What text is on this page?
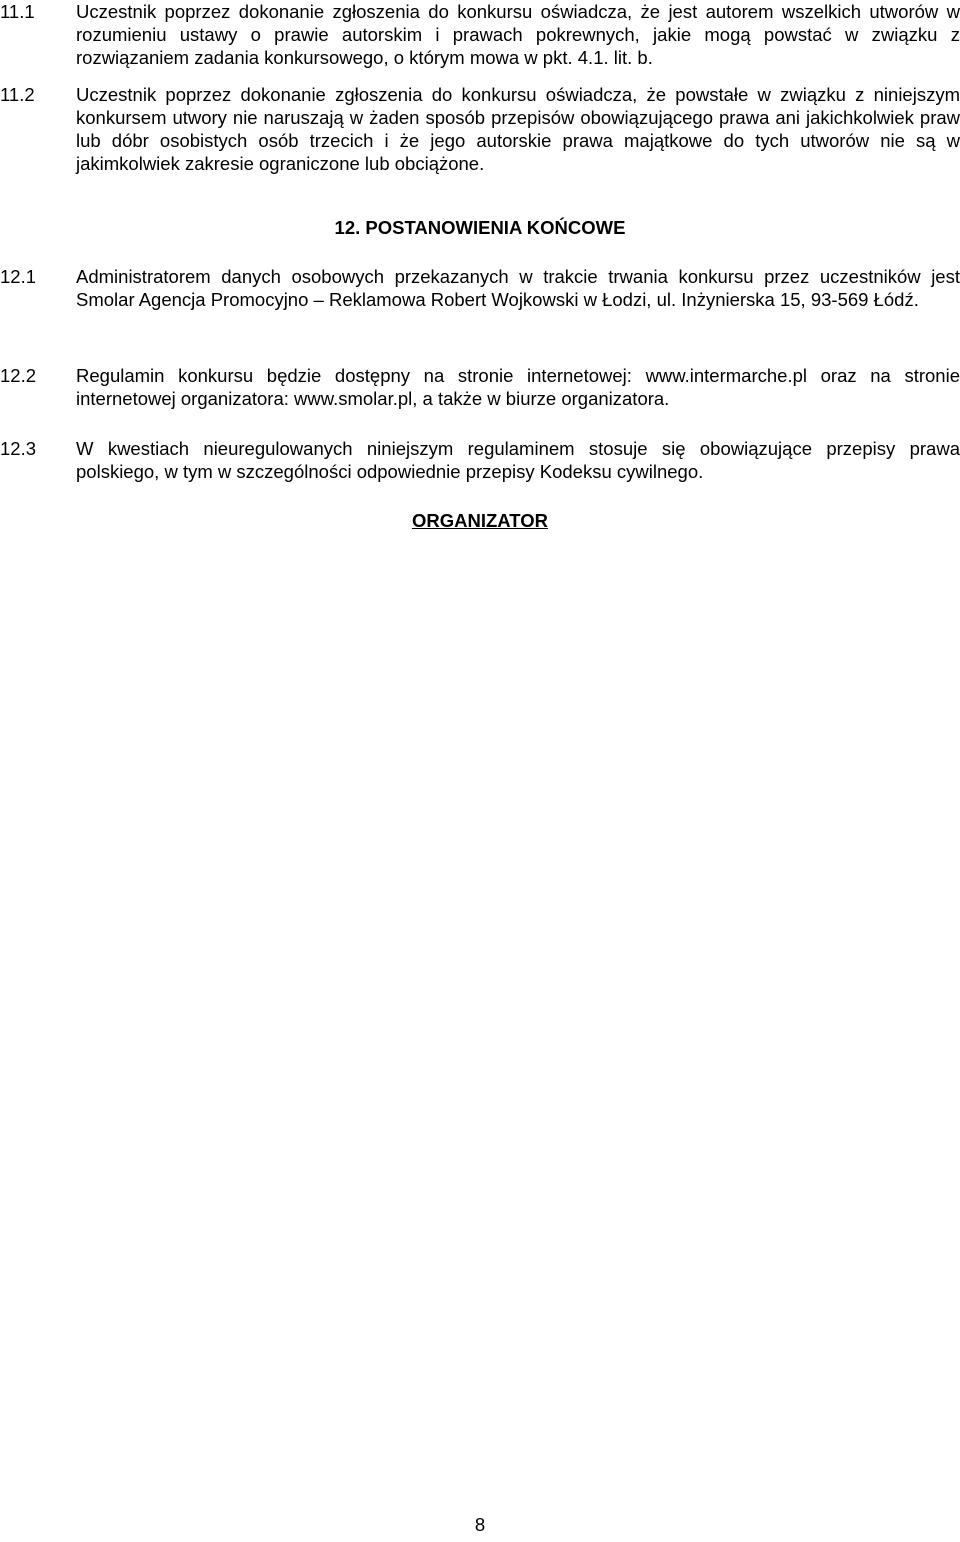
11.1	Uczestnik poprzez dokonanie zgłoszenia do konkursu oświadcza, że jest autorem wszelkich utworów w rozumieniu ustawy o prawie autorskim i prawach pokrewnych, jakie mogą powstać w związku z rozwiązaniem zadania konkursowego, o którym mowa w pkt. 4.1. lit. b.
11.2	Uczestnik poprzez dokonanie zgłoszenia do konkursu oświadcza, że powstałe w związku z niniejszym konkursem utwory nie naruszają w żaden sposób przepisów obowiązującego prawa ani jakichkolwiek praw lub dóbr osobistych osób trzecich i że jego autorskie prawa majątkowe do tych utworów nie są w jakimkolwiek zakresie ograniczone lub obciążone.
12. POSTANOWIENIA KOŃCOWE
12.1	Administratorem danych osobowych przekazanych w trakcie trwania konkursu przez uczestników jest Smolar Agencja Promocyjno – Reklamowa Robert Wojkowski w Łodzi, ul. Inżynierska 15, 93-569 Łódź.
12.2	Regulamin konkursu będzie dostępny na stronie internetowej: www.intermarche.pl oraz na stronie internetowej organizatora: www.smolar.pl, a także w biurze organizatora.
12.3	W kwestiach nieuregulowanych niniejszym regulaminem stosuje się obowiązujące przepisy prawa polskiego, w tym w szczególności odpowiednie przepisy Kodeksu cywilnego.
ORGANIZATOR
8
